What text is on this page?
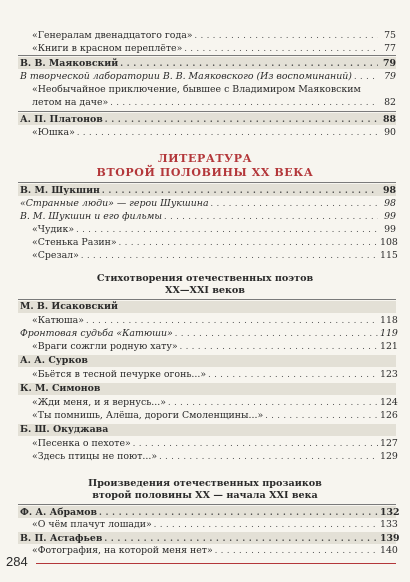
«Генералам двенадцатого года» . . .	75
«Книги в красном переплёте» . . .	77
В. В. Маяковский . . .	79
В творческой лаборатории В. В. Маяковского (Из воспоминаний) . . .	79
«Необычайное приключение, бывшее с Владимиром Маяковским
летом на даче» . . .	82
А. П. Платонов . . .	88
«Юшка» . . .	90
ЛИТЕРАТУРА
ВТОРОЙ ПОЛОВИНЫ XX ВЕКА
В. М. Шукшин . . .	98
«Странные люди» — герои Шукшина . . .	98
В. М. Шукшин и его фильмы . . .	99
«Чудик» . . .	99
«Стенька Разин» . . .	108
«Срезал» . . .	115
Стихотворения отечественных поэтов
XX—XXI веков
М. В. Исаковский
«Катюша» . . .	118
Фронтовая судьба «Катюши» . . .	119
«Враги сожгли родную хату» . . .	121
А. А. Сурков
«Бьётся в тесной печурке огонь...» . . .	123
К. М. Симонов
«Жди меня, и я вернусь...» . . .	124
«Ты помнишь, Алёша, дороги Смоленщины...» . . .	126
Б. Ш. Окуджава
«Песенка о пехоте» . . .	127
«Здесь птицы не поют...» . . .	129
Произведения отечественных прозаиков
второй половины XX — начала XXI века
Ф. А. Абрамов . . .	132
«О чём плачут лошади» . . .	133
В. П. Астафьев . . .	139
«Фотография, на которой меня нет» . . .	140
284
